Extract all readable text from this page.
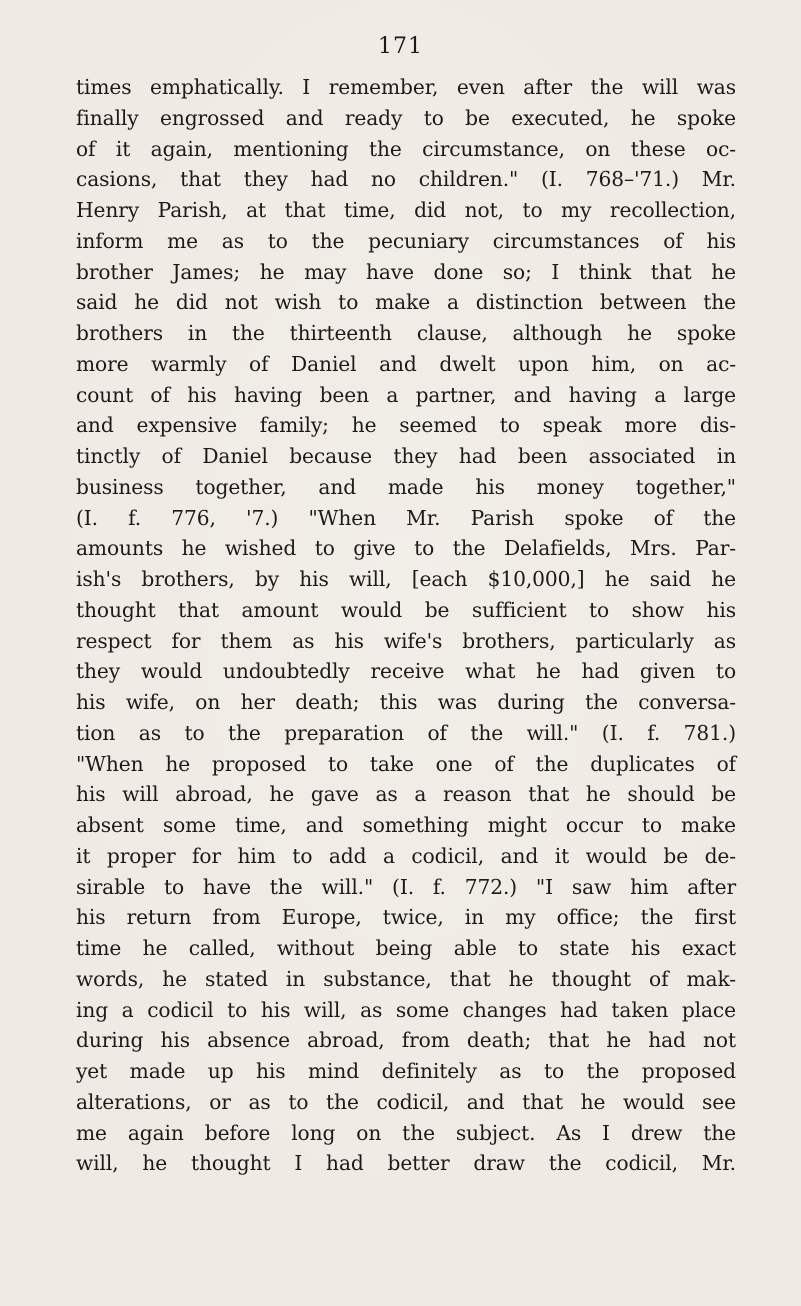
171
times emphatically. I remember, even after the will was
finally engrossed and ready to be executed, he spoke
of it again, mentioning the circumstance, on these oc-
casions, that they had no children." (I. 768–'71.) Mr.
Henry Parish, at that time, did not, to my recollection,
inform me as to the pecuniary circumstances of his
brother James; he may have done so; I think that he
said he did not wish to make a distinction between the
brothers in the thirteenth clause, although he spoke
more warmly of Daniel and dwelt upon him, on ac-
count of his having been a partner, and having a large
and expensive family; he seemed to speak more dis-
tinctly of Daniel because they had been associated in
business together, and made his money together,"
(I. f. 776, '7.) "When Mr. Parish spoke of the
amounts he wished to give to the Delafields, Mrs. Par-
ish's brothers, by his will, [each $10,000,] he said he
thought that amount would be sufficient to show his
respect for them as his wife's brothers, particularly as
they would undoubtedly receive what he had given to
his wife, on her death; this was during the conversa-
tion as to the preparation of the will." (I. f. 781.)
"When he proposed to take one of the duplicates of
his will abroad, he gave as a reason that he should be
absent some time, and something might occur to make
it proper for him to add a codicil, and it would be de-
sirable to have the will." (I. f. 772.) "I saw him after
his return from Europe, twice, in my office; the first
time he called, without being able to state his exact
words, he stated in substance, that he thought of mak-
ing a codicil to his will, as some changes had taken place
during his absence abroad, from death; that he had not
yet made up his mind definitely as to the proposed
alterations, or as to the codicil, and that he would see
me again before long on the subject. As I drew the
will, he thought I had better draw the codicil, Mr.
